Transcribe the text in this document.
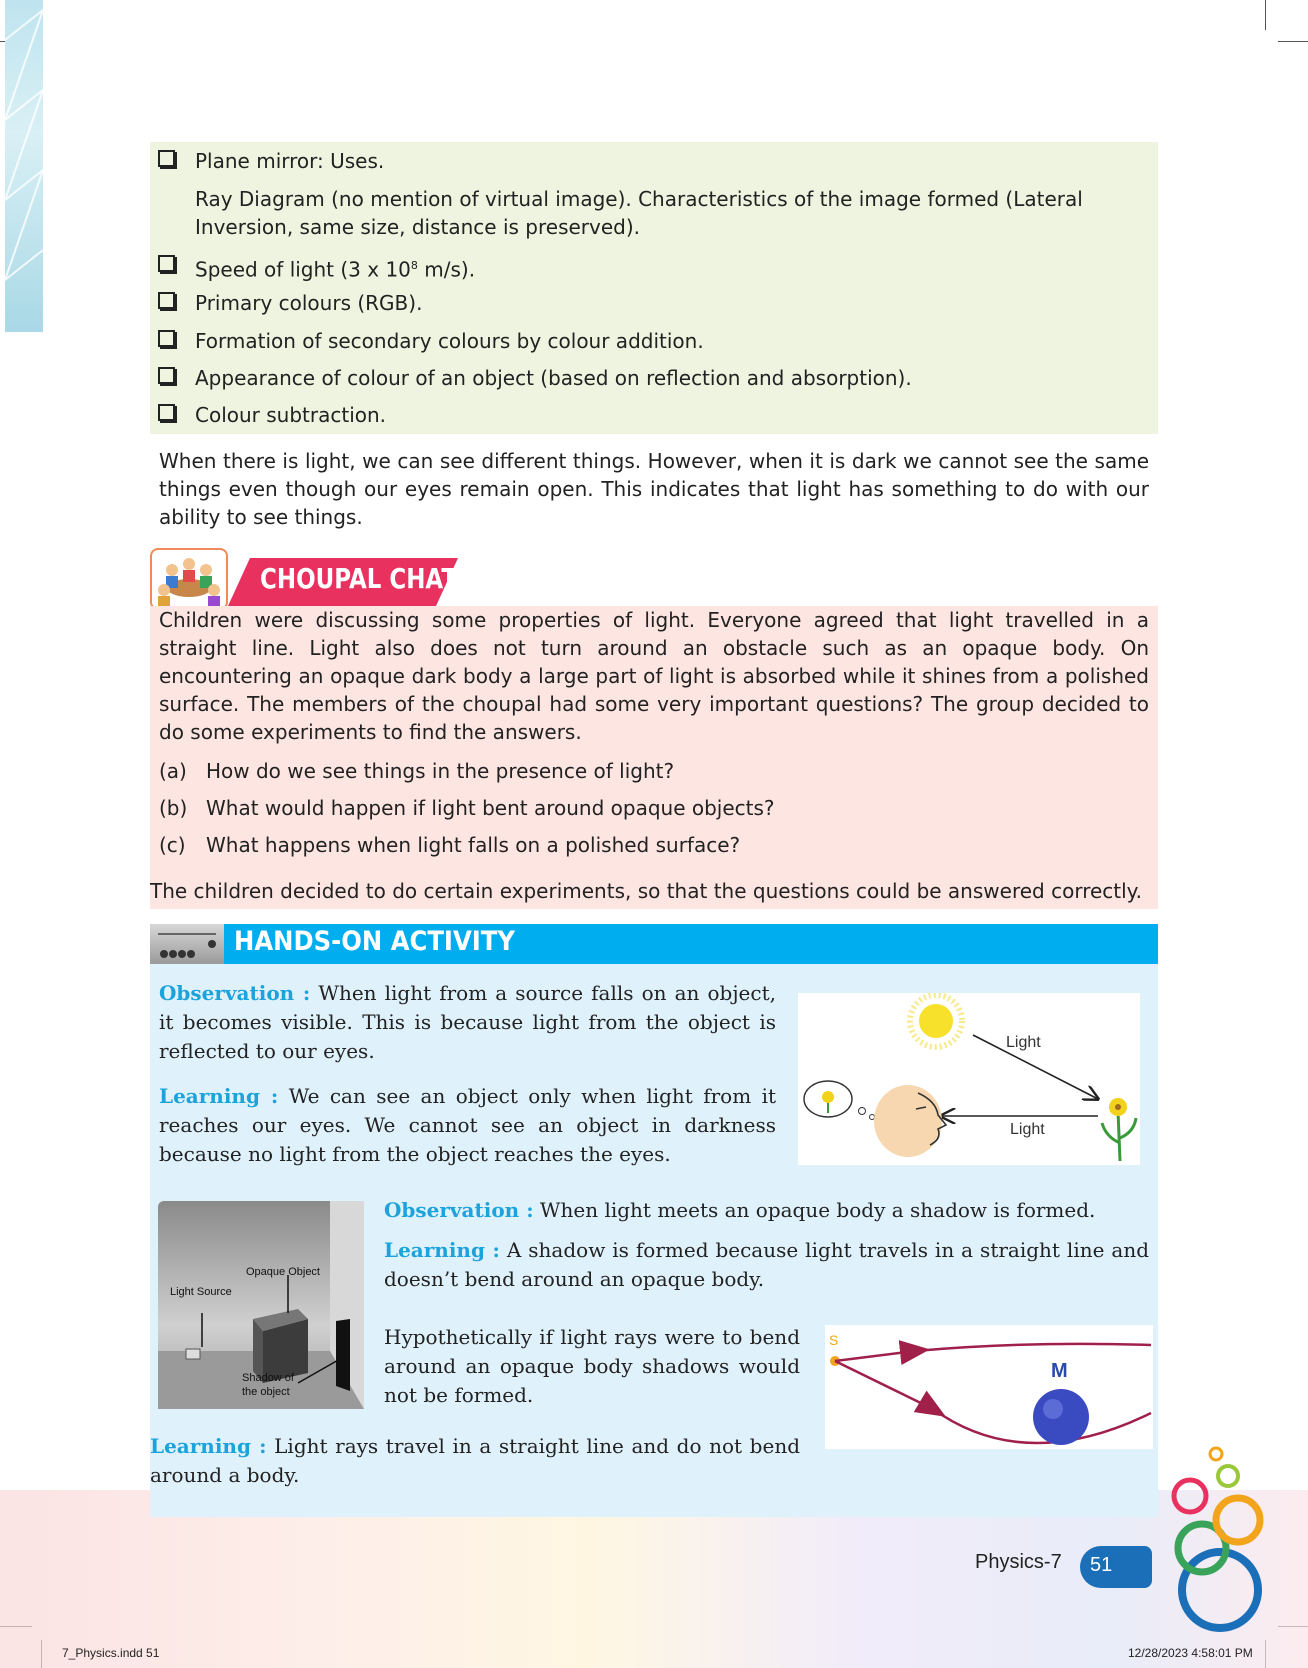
Plane mirror: Uses.
Ray Diagram (no mention of virtual image). Characteristics of the image formed (Lateral Inversion, same size, distance is preserved).
Speed of light (3 x $10^8$ m/s).
Primary colours (RGB).
Formation of secondary colours by colour addition.
Appearance of colour of an object (based on reflection and absorption).
Colour subtraction.
When there is light, we can see different things. However, when it is dark we cannot see the same things even though our eyes remain open. This indicates that light has something to do with our ability to see things.
CHOUPAL CHAT
Children were discussing some properties of light. Everyone agreed that light travelled in a straight line. Light also does not turn around an obstacle such as an opaque body. On encountering an opaque dark body a large part of light is absorbed while it shines from a polished surface. The members of the choupal had some very important questions? The group decided to do some experiments to find the answers.
(a) How do we see things in the presence of light?
(b) What would happen if light bent around opaque objects?
(c) What happens when light falls on a polished surface?
The children decided to do certain experiments, so that the questions could be answered correctly.
HANDS-ON ACTIVITY
Observation : When light from a source falls on an object, it becomes visible. This is because light from the object is reflected to our eyes.
Learning : We can see an object only when light from it reaches our eyes. We cannot see an object in darkness because no light from the object reaches the eyes.
Light
Light
Opaque Object
Light Source
Shadow of
the object
Observation : When light meets an opaque body a shadow is formed.
Learning : A shadow is formed because light travels in a straight line and doesn’t bend around an opaque body.
Hypothetically if light rays were to bend around an opaque body shadows would not be formed.
S
M
Learning : Light rays travel in a straight line and do not bend around a body.
Physics-7 51
7_Physics.indd 51	12/28/2023 4:58:01 PM
